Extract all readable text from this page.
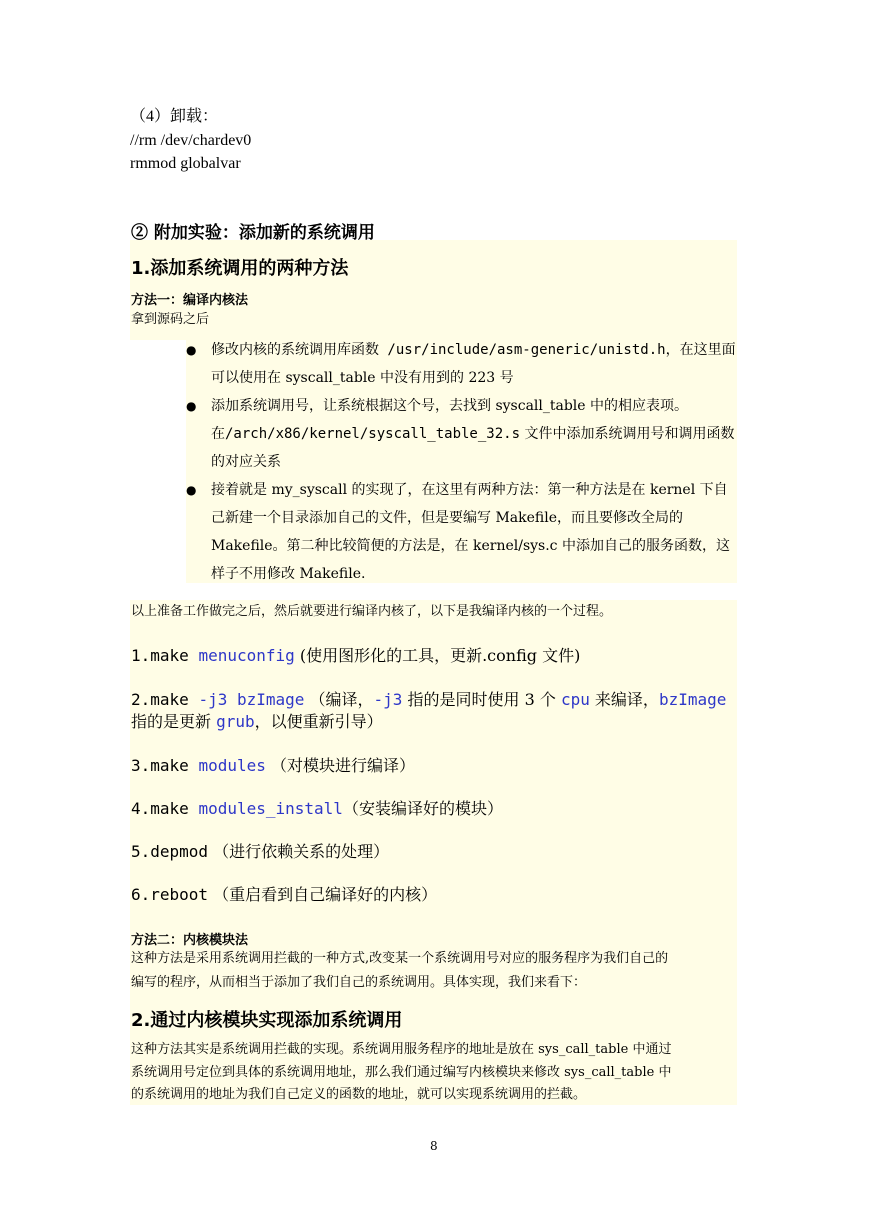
（4）卸载：
//rm /dev/chardev0
rmmod globalvar
② 附加实验：添加新的系统调用
1.添加系统调用的两种方法
方法一：编译内核法
拿到源码之后
● 修改内核的系统调用库函数 /usr/include/asm-generic/unistd.h，在这里面可以使用在 syscall_table 中没有用到的 223 号
● 添加系统调用号，让系统根据这个号，去找到 syscall_table 中的相应表项。在/arch/x86/kernel/syscall_table_32.s 文件中添加系统调用号和调用函数的对应关系
● 接着就是 my_syscall 的实现了，在这里有两种方法：第一种方法是在 kernel 下自己新建一个目录添加自己的文件，但是要编写 Makefile，而且要修改全局的 Makefile。第二种比较简便的方法是，在 kernel/sys.c 中添加自己的服务函数，这样子不用修改 Makefile.
以上准备工作做完之后，然后就要进行编译内核了，以下是我编译内核的一个过程。
1.make menuconfig (使用图形化的工具，更新.config 文件)
2.make -j3 bzImage （编译，-j3 指的是同时使用 3 个 cpu 来编译，bzImage
指的是更新 grub，以便重新引导）
3.make modules （对模块进行编译）
4.make modules_install（安装编译好的模块）
5.depmod （进行依赖关系的处理）
6.reboot （重启看到自己编译好的内核）
方法二：内核模块法
这种方法是采用系统调用拦截的一种方式,改变某一个系统调用号对应的服务程序为我们自己的
编写的程序，从而相当于添加了我们自己的系统调用。具体实现，我们来看下：
2.通过内核模块实现添加系统调用
这种方法其实是系统调用拦截的实现。系统调用服务程序的地址是放在 sys_call_table 中通过
系统调用号定位到具体的系统调用地址，那么我们通过编写内核模块来修改 sys_call_table 中
的系统调用的地址为我们自己定义的函数的地址，就可以实现系统调用的拦截。
8
